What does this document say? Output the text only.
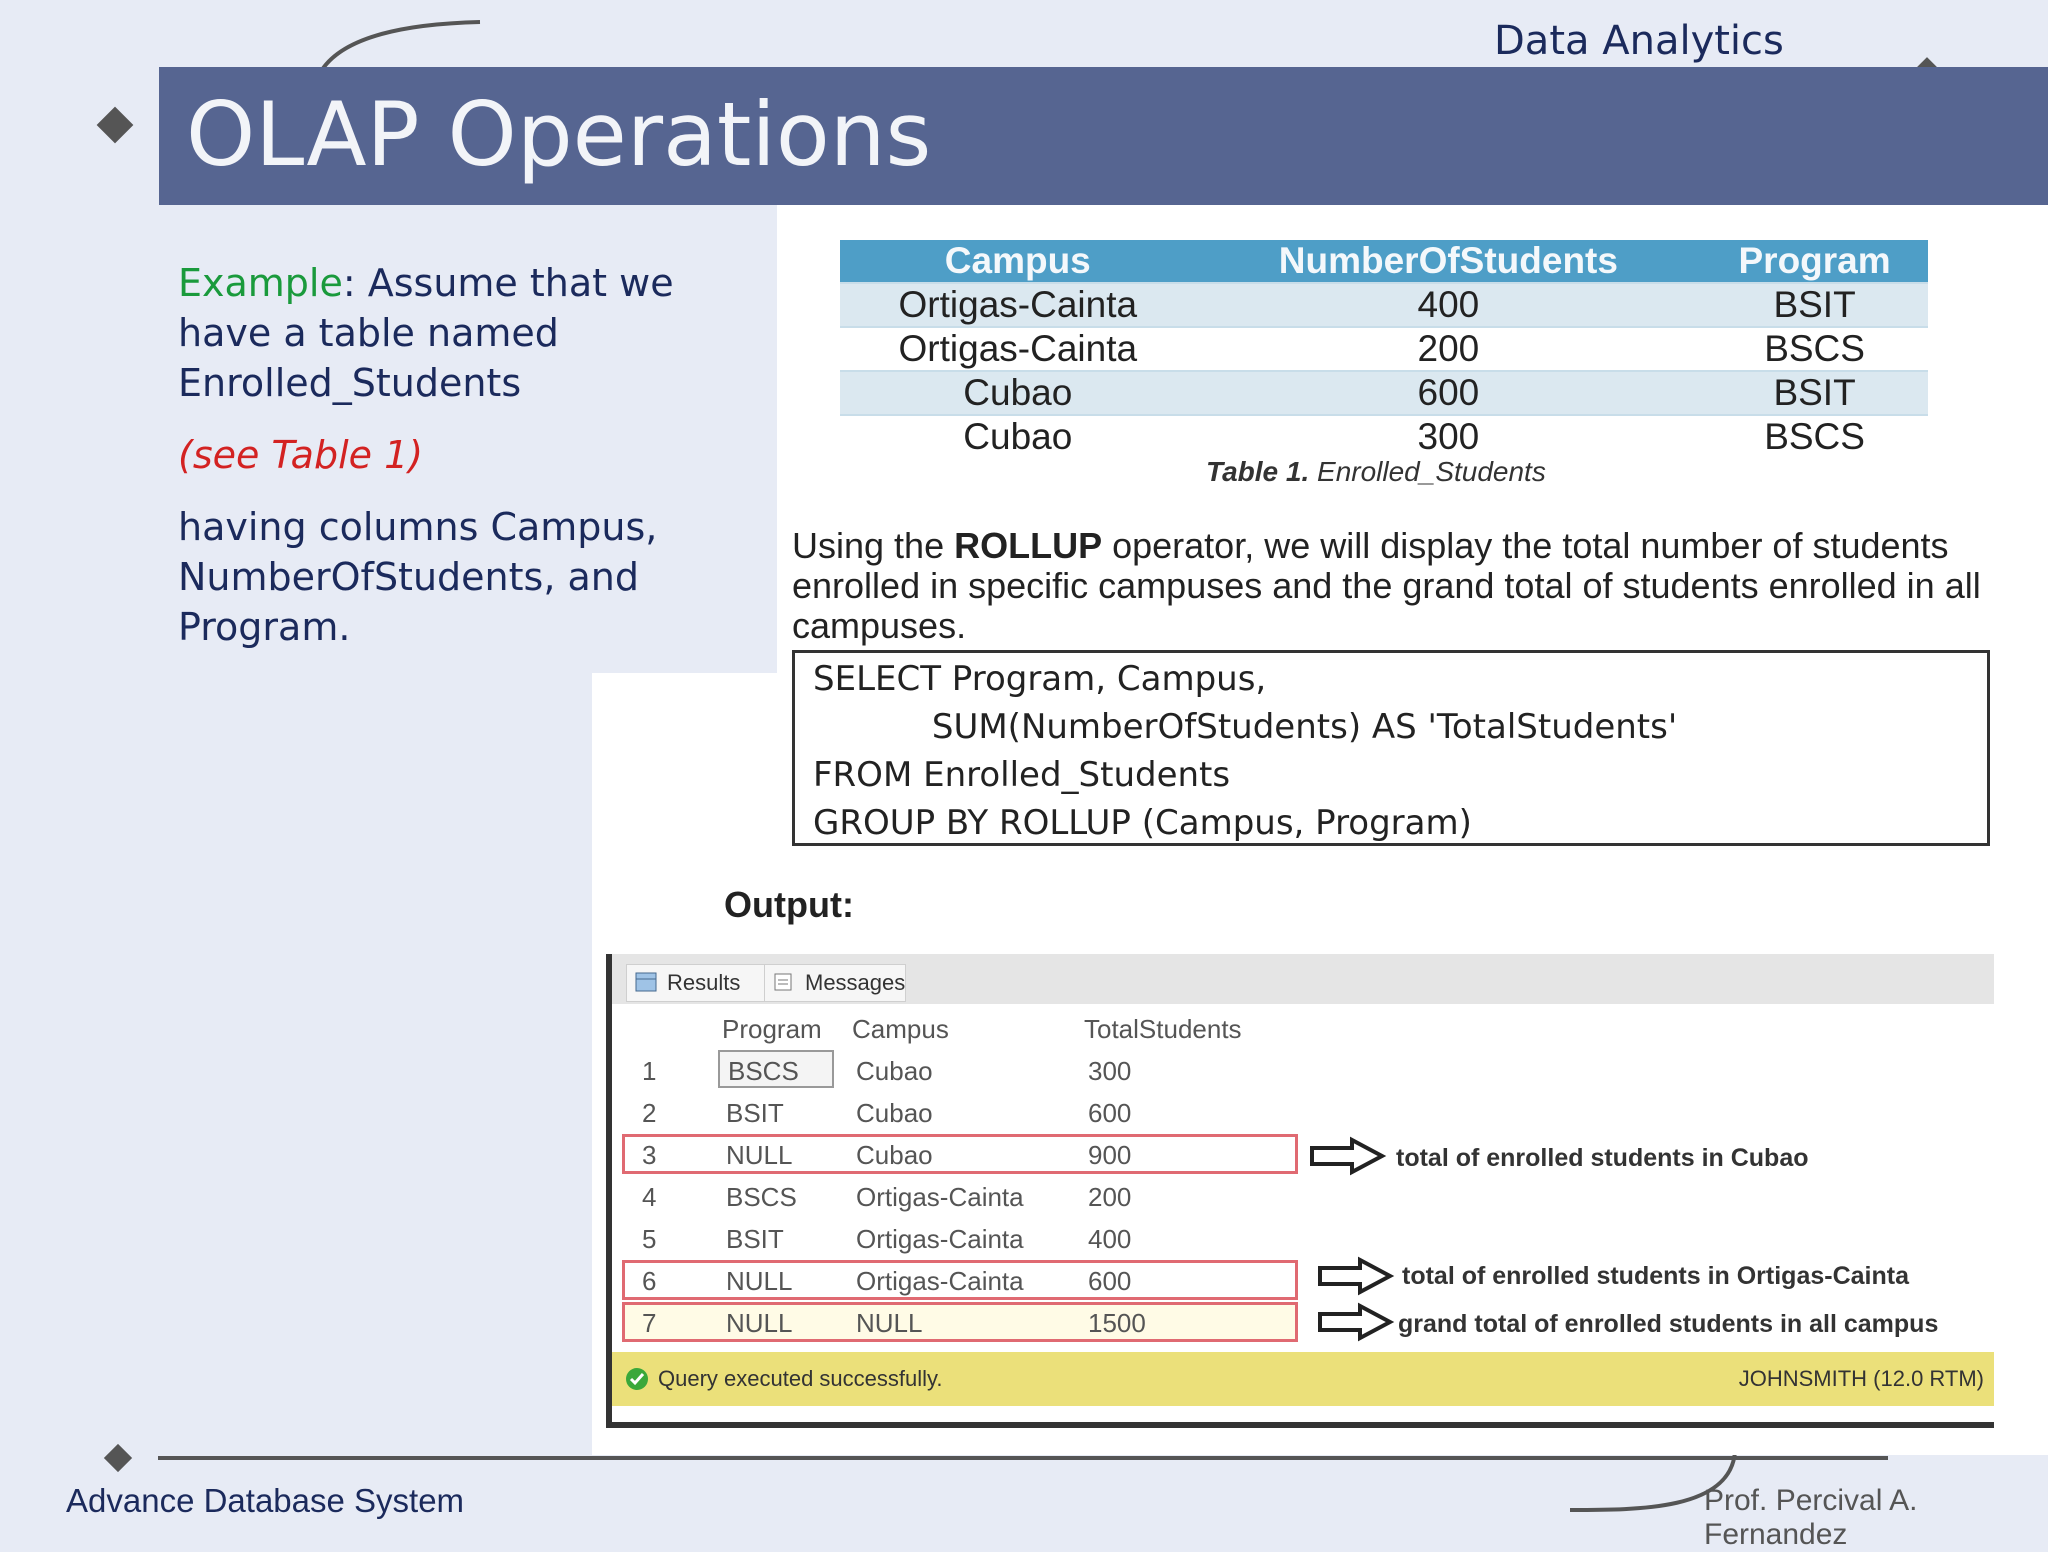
Data Analytics
OLAP Operations

Example: Assume that we have a table named Enrolled_Students

(see Table 1)

having columns Campus, NumberOfStudents, and Program.

Campus	NumberOfStudents	Program
Ortigas-Cainta	400	BSIT
Ortigas-Cainta	200	BSCS
Cubao	600	BSIT
Cubao	300	BSCS
Table 1. Enrolled_Students
Using the ROLLUP operator, we will display the total number of students enrolled in specific campuses and the grand total of students enrolled in all campuses.
SELECT Program, Campus,
SUM(NumberOfStudents) AS 'TotalStudents'
FROM Enrolled_Students
GROUP BY ROLLUP (Campus, Program)
Output:
Results	Messages
Program Campus	TotalStudents
1	BSCS	Cubao	300
2	BSIT	Cubao	600
3	NULL Cubao	900
4	BSCS Ortigas-Cainta 200
5	BSIT	Ortigas-Cainta 400
6	NULL Ortigas-Cainta 600
7	NULL NULL	1500
total of enrolled students in Cubao
total of enrolled students in Ortigas-Cainta
grand total of enrolled students in all campus
Query executed successfully.	JOHNSMITH (12.0 RTM)
Advance Database System	Prof. Percival A. Fernandez
